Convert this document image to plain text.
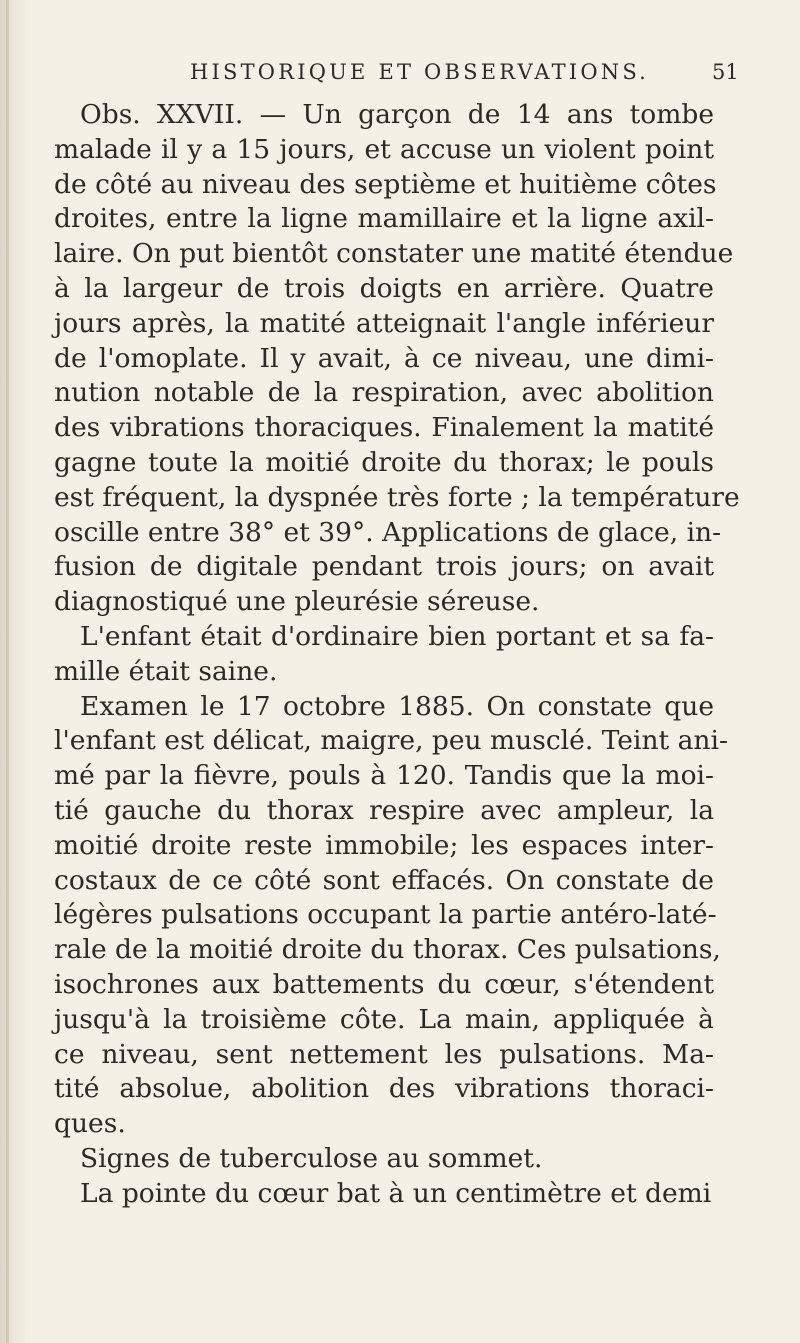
HISTORIQUE ET OBSERVATIONS.	51
Obs. XXVII. — Un garçon de 14 ans tombe
malade il y a 15 jours, et accuse un violent point
de côté au niveau des septième et huitième côtes
droites, entre la ligne mamillaire et la ligne axil-
laire. On put bientôt constater une matité étendue
à la largeur de trois doigts en arrière. Quatre
jours après, la matité atteignait l'angle inférieur
de l'omoplate. Il y avait, à ce niveau, une dimi-
nution notable de la respiration, avec abolition
des vibrations thoraciques. Finalement la matité
gagne toute la moitié droite du thorax; le pouls
est fréquent, la dyspnée très forte ; la température
oscille entre 38° et 39°. Applications de glace, in-
fusion de digitale pendant trois jours; on avait
diagnostiqué une pleurésie séreuse.
L'enfant était d'ordinaire bien portant et sa fa-
mille était saine.
Examen le 17 octobre 1885. On constate que
l'enfant est délicat, maigre, peu musclé. Teint ani-
mé par la fièvre, pouls à 120. Tandis que la moi-
tié gauche du thorax respire avec ampleur, la
moitié droite reste immobile; les espaces inter-
costaux de ce côté sont effacés. On constate de
légères pulsations occupant la partie antéro-laté-
rale de la moitié droite du thorax. Ces pulsations,
isochrones aux battements du cœur, s'étendent
jusqu'à la troisième côte. La main, appliquée à
ce niveau, sent nettement les pulsations. Ma-
tité absolue, abolition des vibrations thoraci-
ques.
Signes de tuberculose au sommet.
La pointe du cœur bat à un centimètre et demi
